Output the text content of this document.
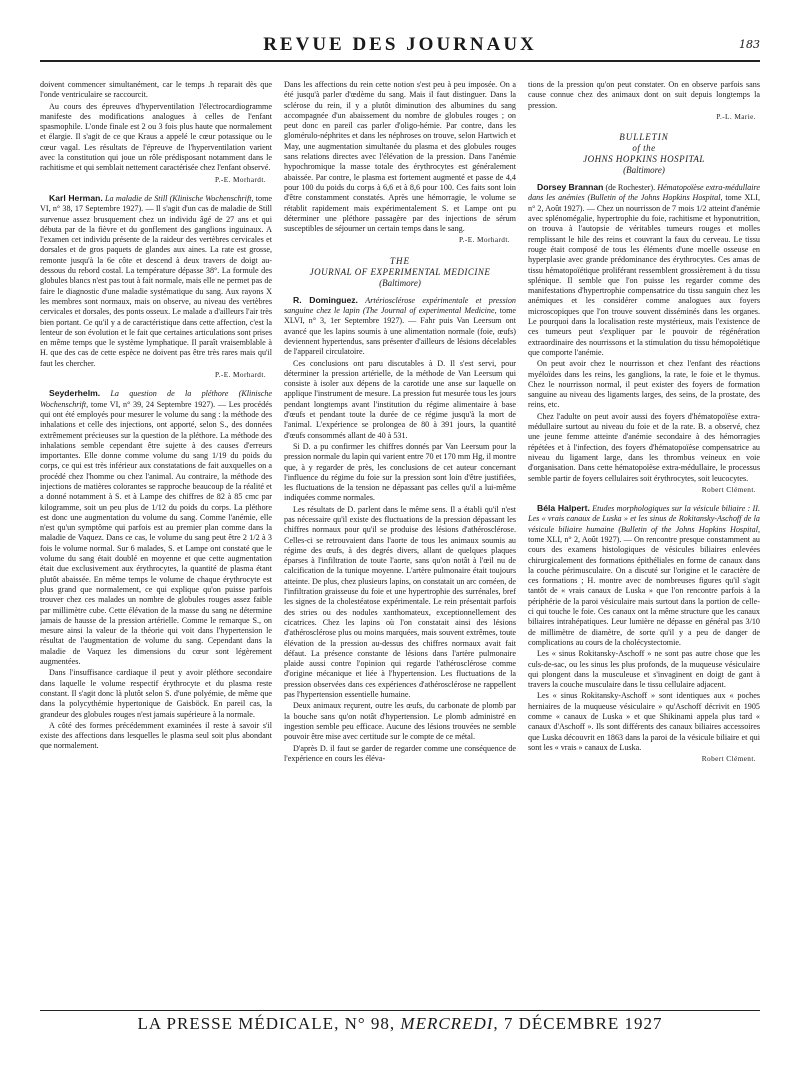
REVUE DES JOURNAUX	183

doivent commencer simultanément, car le temps .h reparait dès que l'onde ventriculaire se raccourcit.

Au cours des épreuves d'hyperventilation l'électrocardiogramme manifeste des modifications analogues à celles de l'enfant spasmophile. L'onde finale est 2 ou 3 fois plus haute que normalement et élargie. Il s'agit de ce que Kraus a appelé le cœur potassique ou le cœur vagal. Les résultats de l'épreuve de l'hyperventilation varient avec la constitution qui joue un rôle prédisposant notamment dans le rachitisme et qui semblait nettement caractérisée chez l'enfant observé.

P.-E. Morhardt.

Karl Herman. La maladie de Still (Klinische Wochenschrift, tome VI, n° 38, 17 Septembre 1927). — Il s'agit d'un cas de maladie de Still survenue assez brusquement chez un individu âgé de 27 ans et qui débuta par de la fièvre et du gonflement des ganglions inguinaux. A l'examen cet individu présente de la raideur des vertèbres cervicales et dorsales et de gros paquets de glandes aux aines. La rate est grosse, remonte jusqu'à la 6e côte et descend à deux travers de doigt au-dessous du rebord costal. La température dépasse 38°. La formule des globules blancs n'est pas tout à fait normale, mais elle ne permet pas de faire le diagnostic d'une maladie systématique du sang. Aux rayons X les membres sont normaux, mais on observe, au niveau des vertèbres cervicales et dorsales, des ponts osseux. Le malade a d'ailleurs l'air très bien portant. Ce qu'il y a de caractéristique dans cette affection, c'est la lenteur de son évolution et le fait que certaines articulations sont prises en même temps que le système lymphatique. Il paraît vraisemblable à H. que des cas de cette espèce ne doivent pas être très rares mais qu'il faut les chercher.

P.-E. Morhardt.

Seyderhelm. La question de la pléthore (Klinische Wochenschrift, tome VI, n° 39, 24 Septembre 1927). — Les procédés qui ont été employés pour mesurer le volume du sang : la méthode des inhalations et celle des injections, ont apporté, selon S., des données extrêmement précieuses sur la question de la pléthore. La méthode des inhalations semble cependant être sujette à des causes d'erreurs importantes. Elle donne comme volume du sang 1/19 du poids du corps, ce qui est très inférieur aux constatations de fait auxquelles on a procédé chez l'homme ou chez l'animal. Au contraire, la méthode des injections de matières colorantes se rapproche beaucoup de la réalité et a donné notamment à S. et à Lampe des chiffres de 82 à 85 cmc par kilogramme, soit un peu plus de 1/12 du poids du corps. La pléthore est donc une augmentation du volume du sang. Comme l'anémie, elle n'est qu'un symptôme qui parfois est au premier plan comme dans la maladie de Vaquez. Dans ce cas, le volume du sang peut être 2 1/2 à 3 fois le volume normal. Sur 6 malades, S. et Lampe ont constaté que le volume du sang était doublé en moyenne et que cette augmentation était due exclusivement aux érythrocytes, la quantité de plasma étant plutôt abaissée. En même temps le volume de chaque érythrocyte est plus grand que normalement, ce qui explique qu'on puisse parfois trouver chez ces malades un nombre de globules rouges assez faible par millimètre cube. Cette élévation de la masse du sang ne détermine jamais de hausse de la pression artérielle. Comme le remarque S., on mesure ainsi la valeur de la théorie qui voit dans l'hypertension le résultat de l'augmentation de volume du sang. Cependant dans la maladie de Vaquez les dimensions du cœur sont légèrement augmentées.

Dans l'insuffisance cardiaque il peut y avoir pléthore secondaire dans laquelle le volume respectif érythrocyte et du plasma reste constant. Il s'agit donc là plutôt selon S. d'une polyémie, de même que dans la polycythémie hypertonique de Gaisböck. En pareil cas, la grandeur des globules rouges n'est jamais supérieure à la normale.

A côté des formes précédemment examinées il reste à savoir s'il existe des affections dans lesquelles le plasma seul soit plus abondant que normalement.

Dans les affections du rein cette notion s'est peu à peu imposée. On a été jusqu'à parler d'œdème du sang. Mais il faut distinguer. Dans la sclérose du rein, il y a plutôt diminution des albumines du sang accompagnée d'un abaissement du nombre de globules rouges ; on peut donc en pareil cas parler d'oligo-hémie. Par contre, dans les glomérulo-néphrites et dans les néphroses on trouve, selon Hartwich et May, une augmentation simultanée du plasma et des globules rouges sans relations directes avec l'élévation de la pression. Dans l'anémie hypochromique la masse totale des érythrocytes est généralement abaissée. Par contre, le plasma est fortement augmenté et passe de 4,4 pour 100 du poids du corps à 6,6 et à 8,6 pour 100. Ces faits sont loin d'être constamment constatés. Après une hémorragie, le volume se rétablit rapidement mais expérimentalement S. et Lampe ont pu déterminer une pléthore passagère par des injections de sérum susceptibles de séjourner un certain temps dans le sang.

P.-E. Morhardt.
THE
JOURNAL OF EXPERIMENTAL MEDICINE
(Baltimore)

R. Dominguez. Artériosclérose expérimentale et pression sanguine chez le lapin (The Journal of experimental Medicine, tome XLVI, n° 3, 1er Septembre 1927). — Fahr puis Van Leersum ont avancé que les lapins soumis à une alimentation normale (foie, œufs) deviennent hypertendus, sans présenter d'ailleurs de lésions décelables de l'appareil circulatoire.

Ces conclusions ont paru discutables à D. Il s'est servi, pour déterminer la pression artérielle, de la méthode de Van Leersum qui consiste à isoler aux dépens de la carotide une anse sur laquelle on applique l'instrument de mesure. La pression fut mesurée tous les jours pendant longtemps avant l'institution du régime alimentaire à base d'œufs et pendant toute la durée de ce régime jusqu'à la mort de l'animal. L'expérience se prolongea de 80 à 391 jours, la quantité d'œufs consommés allant de 40 à 531.

Si D. a pu confirmer les chiffres donnés par Van Leersum pour la pression normale du lapin qui varient entre 70 et 170 mm Hg, il montre que, à y regarder de près, les conclusions de cet auteur concernant l'influence du régime du foie sur la pression sont loin d'être justifiées, les fluctuations de la tension ne dépassant pas celles qu'il a lui-même indiquées comme normales.

Les résultats de D. parlent dans le même sens. Il a établi qu'il n'est pas nécessaire qu'il existe des fluctuations de la pression dépassant les chiffres normaux pour qu'il se produise des lésions d'athérosclérose. Celles-ci se retrouvaient dans l'aorte de tous les animaux soumis au régime des œufs, à des degrés divers, allant de quelques plaques éparses à l'infiltration de toute l'aorte, sans qu'on notât à l'œil nu de calcification de la tunique moyenne. L'artère pulmonaire était toujours atteinte. De plus, chez plusieurs lapins, on constatait un arc cornéen, de l'infiltration graisseuse du foie et une hypertrophie des surrénales, bref les signes de la cholestéatose expérimentale. Le rein présentait parfois des stries ou des nodules xanthomateux, exceptionnellement des cicatrices. Chez les lapins où l'on constatait ainsi des lésions d'athérosclérose plus ou moins marquées, mais souvent extrêmes, toute élévation de la pression au-dessus des chiffres normaux avait fait défaut. La présence constante de lésions dans l'artère pulmonaire plaide aussi contre l'opinion qui regarde l'athérosclérose comme d'origine mécanique et liée à l'hypertension. Les fluctuations de la pression observées dans ces expériences d'athérosclérose ne rappellent pas l'hypertension essentielle humaine.

Deux animaux reçurent, outre les œufs, du carbonate de plomb par la bouche sans qu'on notât d'hypertension. Le plomb administré en ingestion semble peu efficace. Aucune des lésions trouvées ne semble pouvoir être mise avec certitude sur le compte de ce métal.

D'après D. il faut se garder de regarder comme une conséquence de l'expérience en cours les éléva-

tions de la pression qu'on peut constater. On en observe parfois sans cause connue chez des animaux dont on suit depuis longtemps la pression.

P.-L. Marie.
BULLETIN
of the
JOHNS HOPKINS HOSPITAL
(Baltimore)

Dorsey Brannan (de Rochester). Hématopoïèse extra-médullaire dans les anémies (Bulletin of the Johns Hopkins Hospital, tome XLI, n° 2, Août 1927). — Chez un nourrisson de 7 mois 1/2 atteint d'anémie avec splénomégalie, hypertrophie du foie, rachitisme et hyponutrition, on trouva à l'autopsie de véritables tumeurs rouges et molles remplissant le hile des reins et couvrant la faux du cerveau. Le tissu rouge était composé de tous les éléments d'une moelle osseuse en hyperplasie avec grande prédominance des érythrocytes. Ces amas de tissu hématopoïétique proliférant ressemblent grossièrement à du tissu splénique. Il semble que l'on puisse les regarder comme des manifestations d'hypertrophie compensatrice du tissu sanguin chez les anémiques et les considérer comme analogues aux foyers microscopiques que l'on trouve souvent disséminés dans les organes. Le pourquoi dans la localisation reste mystérieux, mais l'existence de ces tumeurs peut s'expliquer par le pouvoir de régénération extraordinaire des nourrissons et la stimulation du tissu hémopoïétique que comporte l'anémie.

On peut avoir chez le nourrisson et chez l'enfant des réactions myéloïdes dans les reins, les ganglions, la rate, le foie et le thymus. Chez le nourrisson normal, il peut exister des foyers de formation sanguine au niveau des ligaments larges, des seins, de la prostate, des reins, etc.

Chez l'adulte on peut avoir aussi des foyers d'hématopoïèse extra-médullaire surtout au niveau du foie et de la rate. B. a observé, chez une jeune femme atteinte d'anémie secondaire à des hémorragies répétées et à l'infection, des foyers d'hématopoïèse compensatrice au niveau du ligament large, dans les thrombus veineux en voie d'organisation. Dans cette hématopoïèse extra-médullaire, le processus semble partir de foyers cellulaires soit érythrocytes, soit leucocytes.

Robert Clément.

Béla Halpert. Etudes morphologiques sur la vésicule biliaire : II. Les « vrais canaux de Luska » et les sinus de Rokitansky-Aschoff de la vésicule biliaire humaine (Bulletin of the Johns Hopkins Hospital, tome XLI, n° 2, Août 1927). — On rencontre presque constamment au cours des examens histologiques de vésicules biliaires enlevées chirurgicalement des formations épithéliales en forme de canaux dans la couche périmusculaire. On a discuté sur l'origine et le caractère de ces formations ; H. montre avec de nombreuses figures qu'il s'agit tantôt de « vrais canaux de Luska » que l'on rencontre parfois à la périphérie de la paroi vésiculaire mais surtout dans la portion de celle-ci qui touche le foie. Ces canaux ont la même structure que les canaux biliaires intrahépatiques. Leur lumière ne dépasse en général pas 3/10 de millimètre de diamètre, de sorte qu'il y a peu de danger de complications au cours de la cholécystectomie.

Les « sinus Rokitansky-Aschoff » ne sont pas autre chose que les culs-de-sac, ou les sinus les plus profonds, de la muqueuse vésiculaire qui plongent dans la musculeuse et s'invaginent en doigt de gant à travers la couche musculaire dans le tissu cellulaire adjacent.

Les « sinus Rokitansky-Aschoff » sont identiques aux « poches herniaires de la muqueuse vésiculaire » qu'Aschoff décrivit en 1905 comme « canaux de Luska » et que Shikinami appela plus tard « canaux d'Aschoff ». Ils sont différents des canaux biliaires accessoires que Luska découvrit en 1863 dans la paroi de la vésicule biliaire et qui sont les « vrais » canaux de Luska.

Robert Clément.
LA PRESSE MÉDICALE, N° 98, MERCREDI, 7 DÉCEMBRE 1927
